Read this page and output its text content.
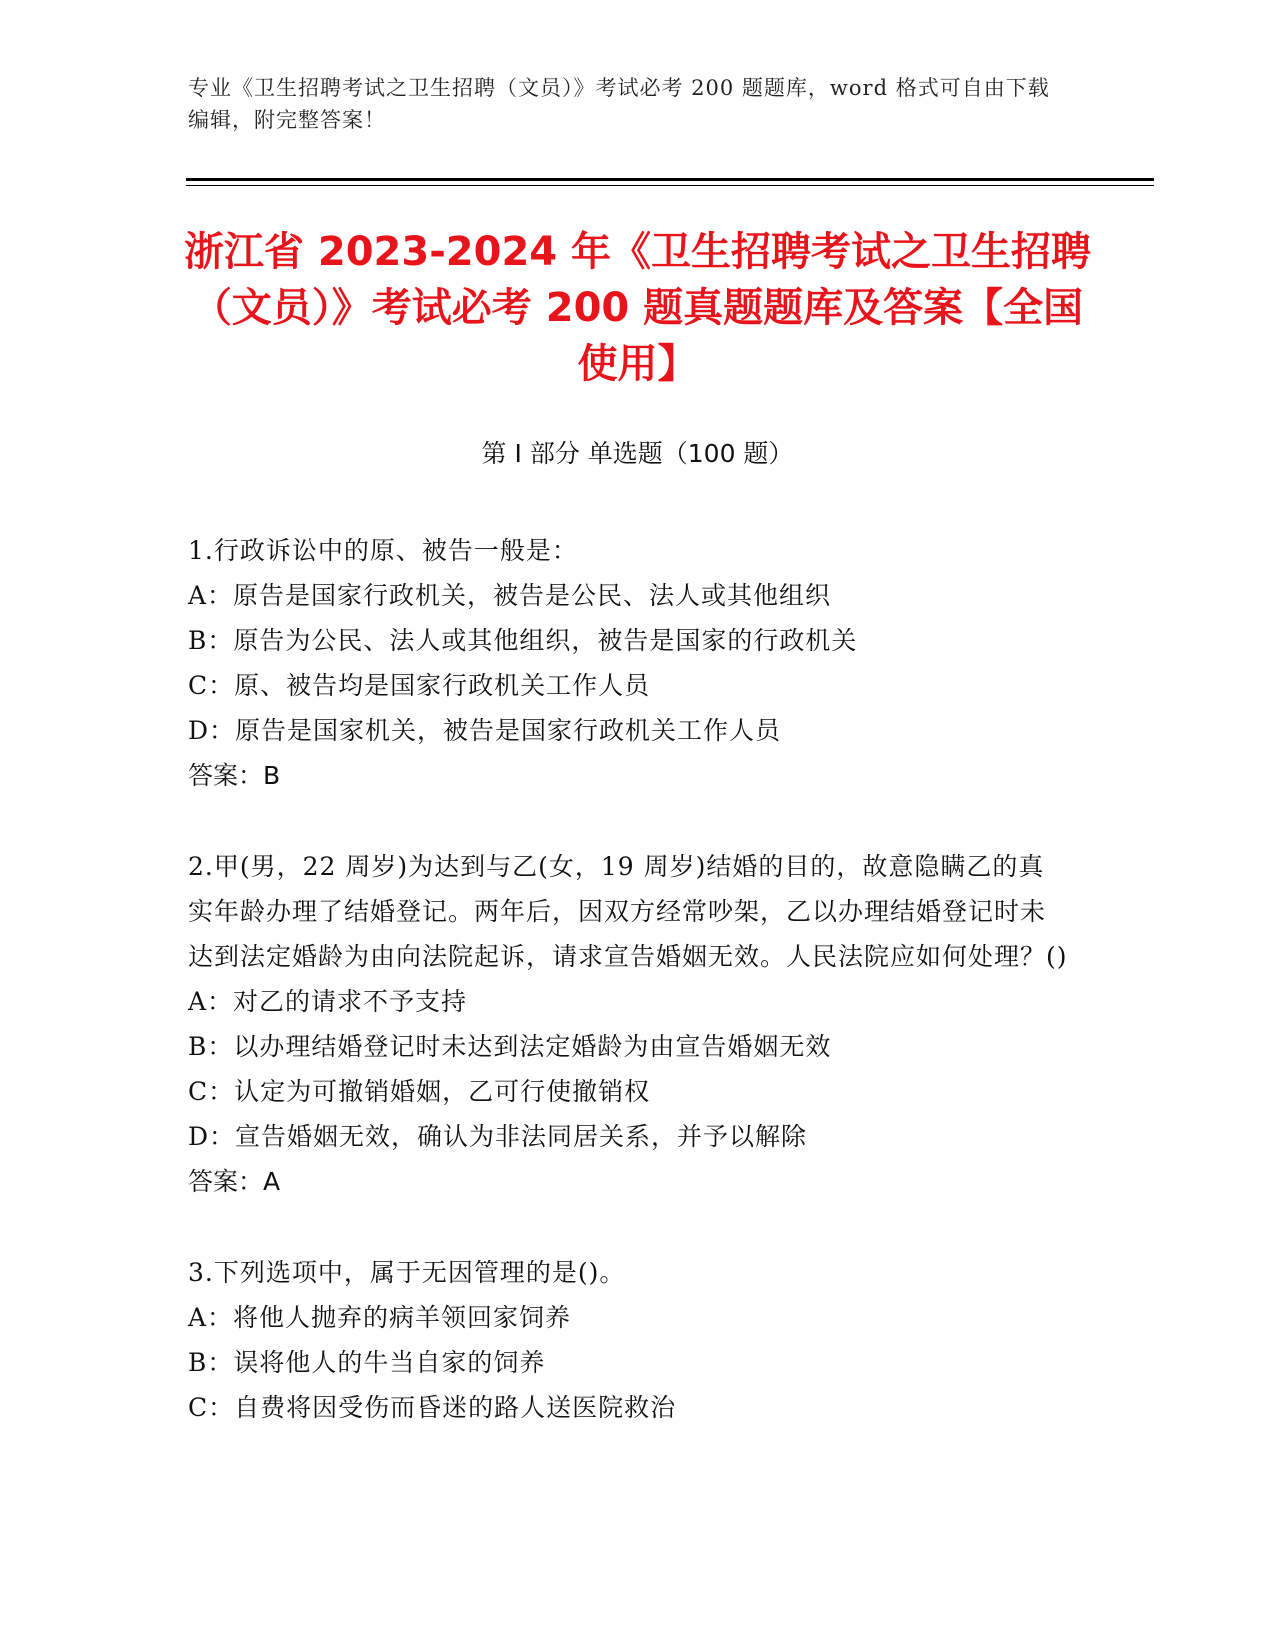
专业《卫生招聘考试之卫生招聘（文员）》考试必考 200 题题库，word 格式可自由下载编辑，附完整答案！
浙江省 2023-2024 年《卫生招聘考试之卫生招聘（文员）》考试必考 200 题真题题库及答案【全国使用】
第 I 部分 单选题（100 题）
1.行政诉讼中的原、被告一般是：
A：原告是国家行政机关，被告是公民、法人或其他组织
B：原告为公民、法人或其他组织，被告是国家的行政机关
C：原、被告均是国家行政机关工作人员
D：原告是国家机关，被告是国家行政机关工作人员
答案：B
2.甲(男，22 周岁)为达到与乙(女，19 周岁)结婚的目的，故意隐瞒乙的真实年龄办理了结婚登记。两年后，因双方经常吵架，乙以办理结婚登记时未达到法定婚龄为由向法院起诉，请求宣告婚姻无效。人民法院应如何处理？()
A：对乙的请求不予支持
B：以办理结婚登记时未达到法定婚龄为由宣告婚姻无效
C：认定为可撤销婚姻，乙可行使撤销权
D：宣告婚姻无效，确认为非法同居关系，并予以解除
答案：A
3.下列选项中，属于无因管理的是()。
A：将他人抛弃的病羊领回家饲养
B：误将他人的牛当自家的饲养
C：自费将因受伤而昏迷的路人送医院救治
